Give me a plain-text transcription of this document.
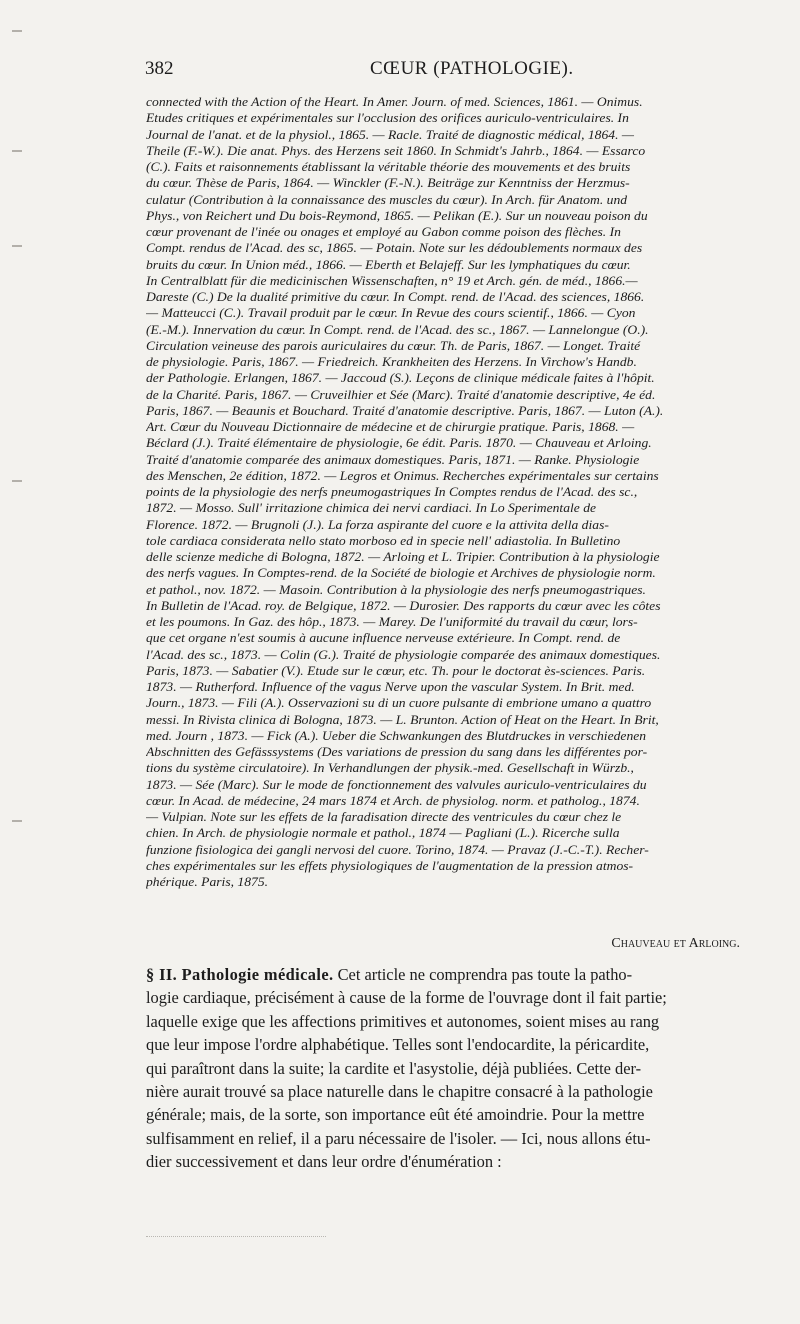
382	CŒUR (PATHOLOGIE).
connected with the Action of the Heart. In Amer. Journ. of med. Sciences, 1861. — Onimus.
Etudes critiques et expérimentales sur l'occlusion des orifices auriculo-ventriculaires. In
Journal de l'anat. et de la physiol., 1865. — Racle. Traité de diagnostic médical, 1864. —
Theile (F.-W.). Die anat. Phys. des Herzens seit 1860. In Schmidt's Jahrb., 1864. — Essarco
(C.). Faits et raisonnements établissant la véritable théorie des mouvements et des bruits
du cœur. Thèse de Paris, 1864. — Winckler (F.-N.). Beiträge zur Kenntniss der Herzmus-
culatur (Contribution à la connaissance des muscles du cœur). In Arch. für Anatom. und
Phys., von Reichert und Du bois-Reymond, 1865. — Pelikan (E.). Sur un nouveau poison du
cœur provenant de l'inée ou onages et employé au Gabon comme poison des flèches. In
Compt. rendus de l'Acad. des sc, 1865. — Potain. Note sur les dédoublements normaux des
bruits du cœur. In Union méd., 1866. — Eberth et Belajeff. Sur les lymphatiques du cœur.
In Centralblatt für die medicinischen Wissenschaften, n° 19 et Arch. gén. de méd., 1866.—
Dareste (C.) De la dualité primitive du cœur. In Compt. rend. de l'Acad. des sciences, 1866.
— Matteucci (C.). Travail produit par le cœur. In Revue des cours scientif., 1866. — Cyon
(E.-M.). Innervation du cœur. In Compt. rend. de l'Acad. des sc., 1867. — Lannelongue (O.).
Circulation veineuse des parois auriculaires du cœur. Th. de Paris, 1867. — Longet. Traité
de physiologie. Paris, 1867. — Friedreich. Krankheiten des Herzens. In Virchow's Handb.
der Pathologie. Erlangen, 1867. — Jaccoud (S.). Leçons de clinique médicale faites à l'hôpit.
de la Charité. Paris, 1867. — Cruveilhier et Sée (Marc). Traité d'anatomie descriptive, 4e éd.
Paris, 1867. — Beaunis et Bouchard. Traité d'anatomie descriptive. Paris, 1867. — Luton (A.).
Art. Cœur du Nouveau Dictionnaire de médecine et de chirurgie pratique. Paris, 1868. —
Béclard (J.). Traité élémentaire de physiologie, 6e édit. Paris. 1870. — Chauveau et Arloing.
Traité d'anatomie comparée des animaux domestiques. Paris, 1871. — Ranke. Physiologie
des Menschen, 2e édition, 1872. — Legros et Onimus. Recherches expérimentales sur certains
points de la physiologie des nerfs pneumogastriques In Comptes rendus de l'Acad. des sc.,
1872. — Mosso. Sull' irritazione chimica dei nervi cardiaci. In Lo Sperimentale de
Florence. 1872. — Brugnoli (J.). La forza aspirante del cuore e la attivita della dias-
tole cardiaca considerata nello stato morboso ed in specie nell' adiastolia. In Bulletino
delle scienze mediche di Bologna, 1872. — Arloing et L. Tripier. Contribution à la physiologie
des nerfs vagues. In Comptes-rend. de la Société de biologie et Archives de physiologie norm.
et pathol., nov. 1872. — Masoin. Contribution à la physiologie des nerfs pneumogastriques.
In Bulletin de l'Acad. roy. de Belgique, 1872. — Durosier. Des rapports du cœur avec les côtes
et les poumons. In Gaz. des hôp., 1873. — Marey. De l'uniformité du travail du cœur, lors-
que cet organe n'est soumis à aucune influence nerveuse extérieure. In Compt. rend. de
l'Acad. des sc., 1873. — Colin (G.). Traité de physiologie comparée des animaux domestiques.
Paris, 1873. — Sabatier (V.). Etude sur le cœur, etc. Th. pour le doctorat ès-sciences. Paris.
1873. — Rutherford. Influence of the vagus Nerve upon the vascular System. In Brit. med.
Journ., 1873. — Fili (A.). Osservazioni su di un cuore pulsante di embrione umano a quattro
messi. In Rivista clinica di Bologna, 1873. — L. Brunton. Action of Heat on the Heart. In Brit,
med. Journ , 1873. — Fick (A.). Ueber die Schwankungen des Blutdruckes in verschiedenen
Abschnitten des Gefässsystems (Des variations de pression du sang dans les différentes por-
tions du système circulatoire). In Verhandlungen der physik.-med. Gesellschaft in Würzb.,
1873. — Sée (Marc). Sur le mode de fonctionnement des valvules auriculo-ventriculaires du
cœur. In Acad. de médecine, 24 mars 1874 et Arch. de physiolog. norm. et patholog., 1874.
— Vulpian. Note sur les effets de la faradisation directe des ventricules du cœur chez le
chien. In Arch. de physiologie normale et pathol., 1874 — Pagliani (L.). Ricerche sulla
funzione fisiologica dei gangli nervosi del cuore. Torino, 1874. — Pravaz (J.-C.-T.). Recher-
ches expérimentales sur les effets physiologiques de l'augmentation de la pression atmos-
phérique. Paris, 1875.
Chauveau et Arloing.
§ II. Pathologie médicale. Cet article ne comprendra pas toute la patho-
logie cardiaque, précisément à cause de la forme de l'ouvrage dont il fait partie;
laquelle exige que les affections primitives et autonomes, soient mises au rang
que leur impose l'ordre alphabétique. Telles sont l'endocardite, la péricardite,
qui paraîtront dans la suite; la cardite et l'asystolie, déjà publiées. Cette der-
nière aurait trouvé sa place naturelle dans le chapitre consacré à la pathologie
générale; mais, de la sorte, son importance eût été amoindrie. Pour la mettre
sulfisamment en relief, il a paru nécessaire de l'isoler. — Ici, nous allons étu-
dier successivement et dans leur ordre d'énumération :
